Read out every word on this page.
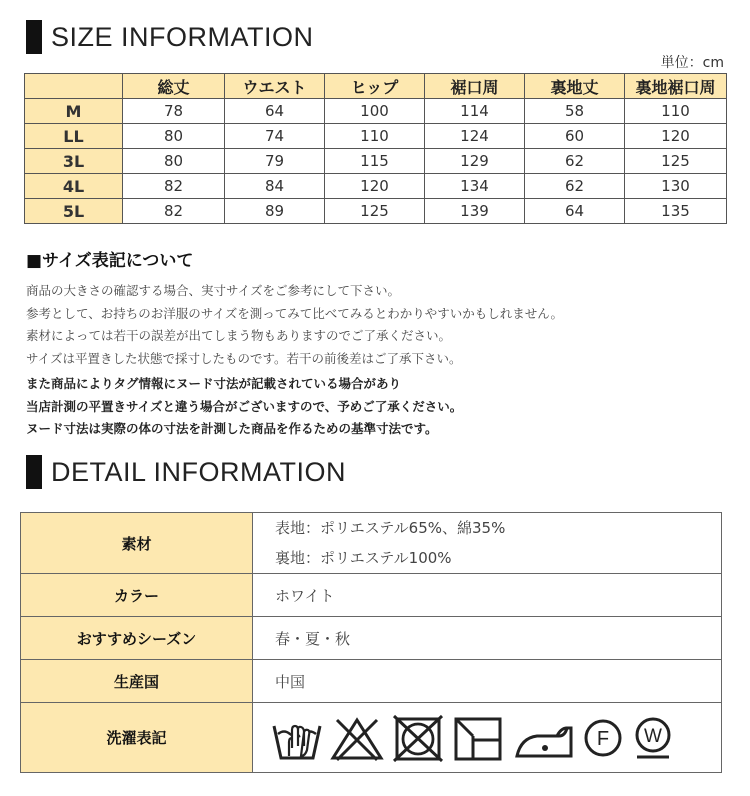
SIZE INFORMATION
単位：cm
	総丈	ウエスト	ヒップ	裾口周	裏地丈	裏地裾口周
M	78	64	100	114	58	110
LL	80	74	110	124	60	120
3L	80	79	115	129	62	125
4L	82	84	120	134	62	130
5L	82	89	125	139	64	135
■サイズ表記について
商品の大きさの確認する場合、実寸サイズをご参考にして下さい。
参考として、お持ちのお洋服のサイズを測ってみて比べてみるとわかりやすいかもしれません。
素材によっては若干の誤差が出てしまう物もありますのでご了承ください。
サイズは平置きした状態で採寸したものです。若干の前後差はご了承下さい。
また商品によりタグ情報にヌード寸法が記載されている場合があり
当店計測の平置きサイズと違う場合がございますので、予めご了承ください。
ヌード寸法は実際の体の寸法を計測した商品を作るための基準寸法です。
DETAIL INFORMATION
素材	表地：ポリエステル65%、綿35%
裏地：ポリエステル100%

カラー	ホワイト
おすすめシーズン	春・夏・秋
生産国	中国
洗濯表記	F W
